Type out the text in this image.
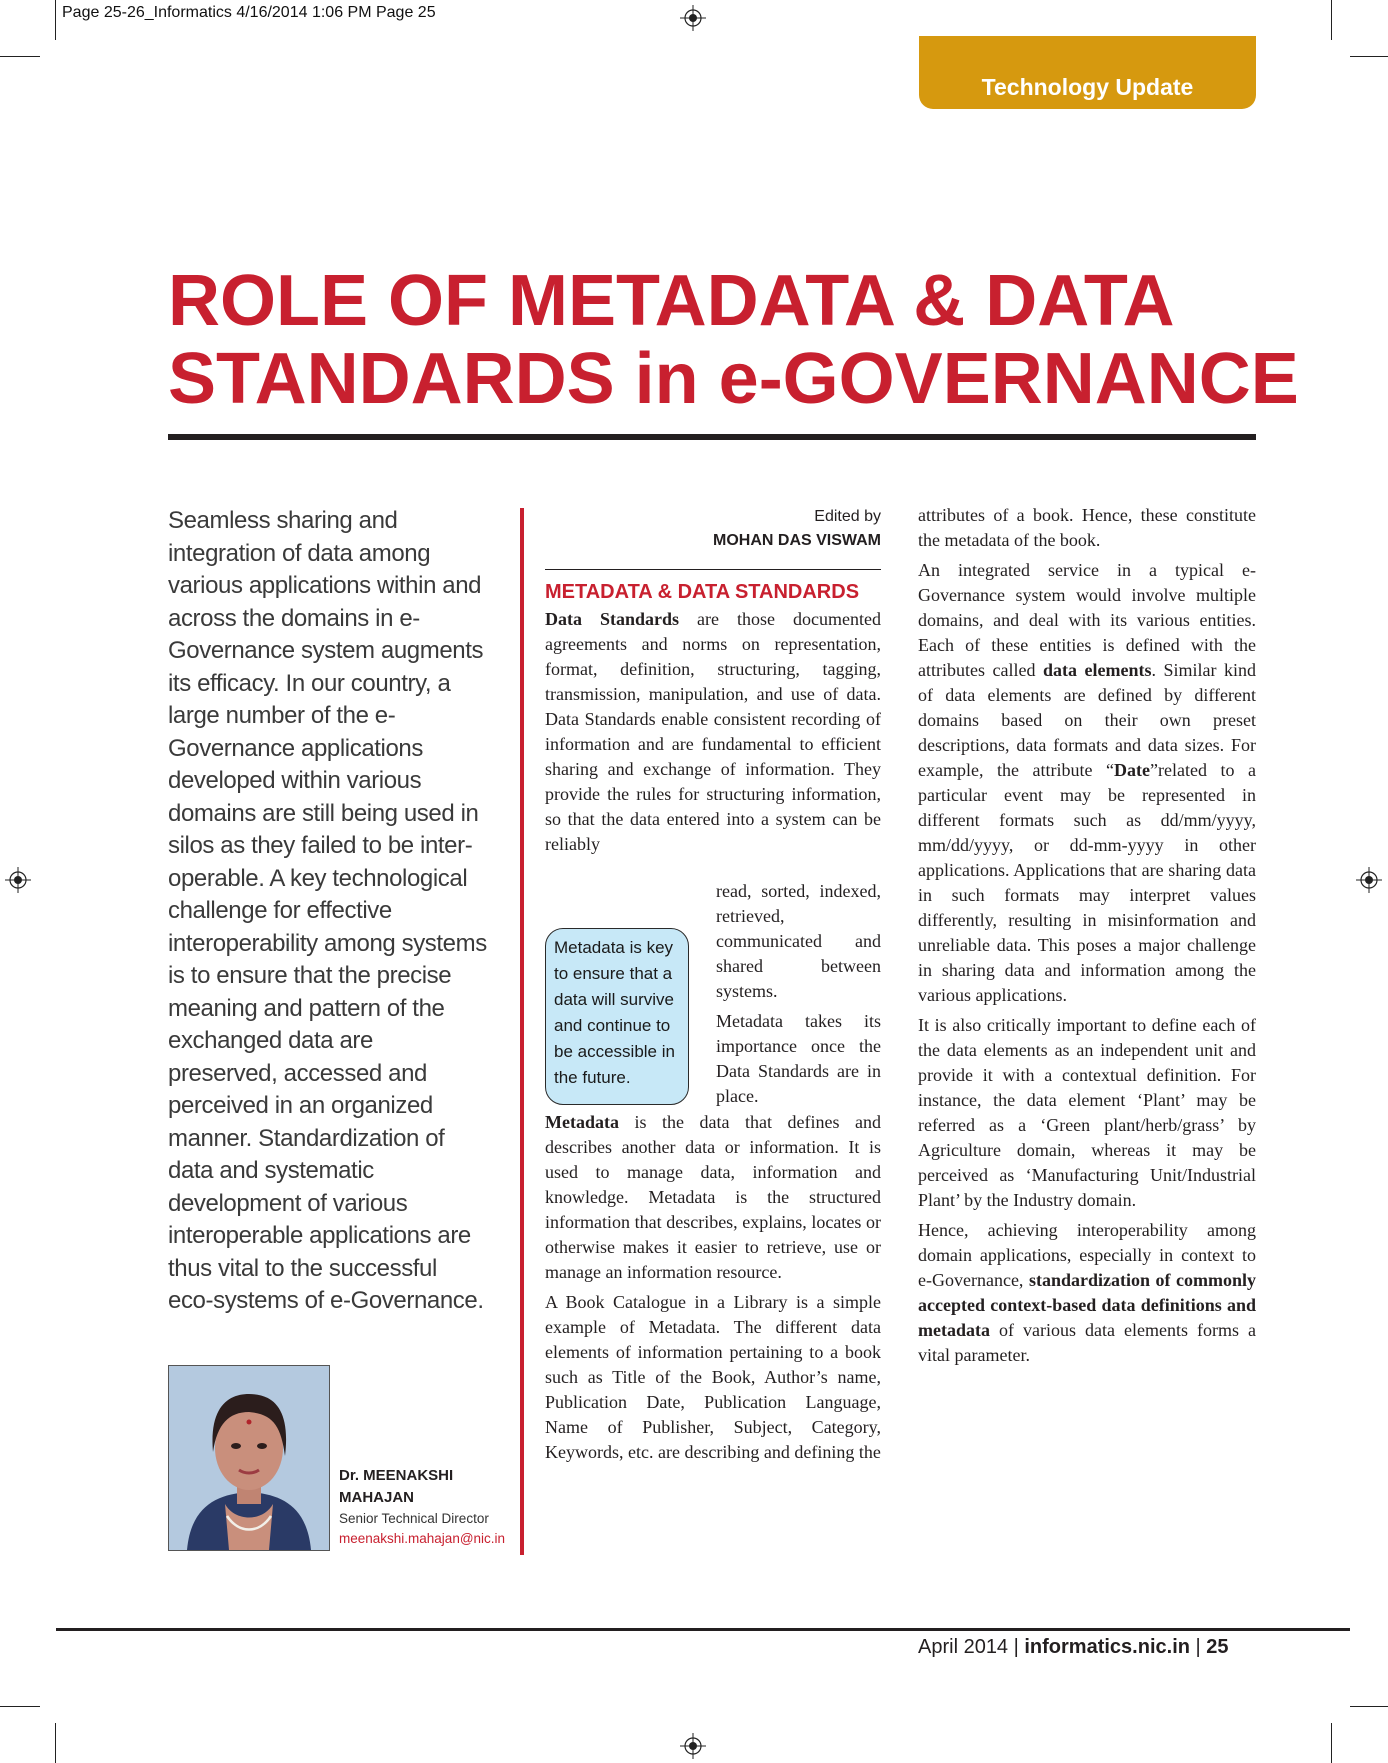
Page 25-26_Informatics 4/16/2014 1:06 PM Page 25
Technology Update
ROLE OF METADATA & DATA
STANDARDS in e-GOVERNANCE
Seamless sharing and integration of data among various applications within and across the domains in e-Governance system augments its efficacy. In our country, a large number of the e-Governance applications developed within various domains are still being used in silos as they failed to be inter-operable. A key technological challenge for effective interoperability among systems is to ensure that the precise meaning and pattern of the exchanged data are preserved, accessed and perceived in an organized manner. Standardization of data and systematic development of various interoperable applications are thus vital to the successful eco-systems of e-Governance.
Dr. MEENAKSHI MAHAJAN
Senior Technical Director
meenakshi.mahajan@nic.in
Edited by
MOHAN DAS VISWAM
METADATA & DATA STANDARDS

Data Standards are those documented agreements and norms on representation, format, definition, structuring, tagging, transmission, manipulation, and use of data. Data Standards enable consistent recording of information and are fundamental to efficient sharing and exchange of information. They provide the rules for structuring information, so that the data entered into a system can be reliably

Metadata is key to ensure that a data will survive and continue to be accessible in the future.

read, sorted, indexed, retrieved, communicated and shared between systems.

Metadata takes its importance once the Data Standards are in place.

Metadata is the data that defines and describes another data or information. It is used to manage data, information and knowledge. Metadata is the structured information that describes, explains, locates or otherwise makes it easier to retrieve, use or manage an information resource.

A Book Catalogue in a Library is a simple example of Metadata. The different data elements of information pertaining to a book such as Title of the Book, Author’s name, Publication Date, Publication Language, Name of Publisher, Subject, Category, Keywords, etc. are describing and defining the

attributes of a book. Hence, these constitute the metadata of the book.

An integrated service in a typical e-Governance system would involve multiple domains, and deal with its various entities. Each of these entities is defined with the attributes called data elements. Similar kind of data elements are defined by different domains based on their own preset descriptions, data formats and data sizes. For example, the attribute “Date”related to a particular event may be represented in different formats such as dd/mm/yyyy, mm/dd/yyyy, or dd-mm-yyyy in other applications. Applications that are sharing data in such formats may interpret values differently, resulting in misinformation and unreliable data. This poses a major challenge in sharing data and information among the various applications.

It is also critically important to define each of the data elements as an independent unit and provide it with a contextual definition. For instance, the data element ‘Plant’ may be referred as a ‘Green plant/herb/grass’ by Agriculture domain, whereas it may be perceived as ‘Manufacturing Unit/Industrial Plant’ by the Industry domain.

Hence, achieving interoperability among domain applications, especially in context to e-Governance, standardization of commonly accepted context-based data definitions and metadata of various data elements forms a vital parameter.

April 2014 | informatics.nic.in | 25
